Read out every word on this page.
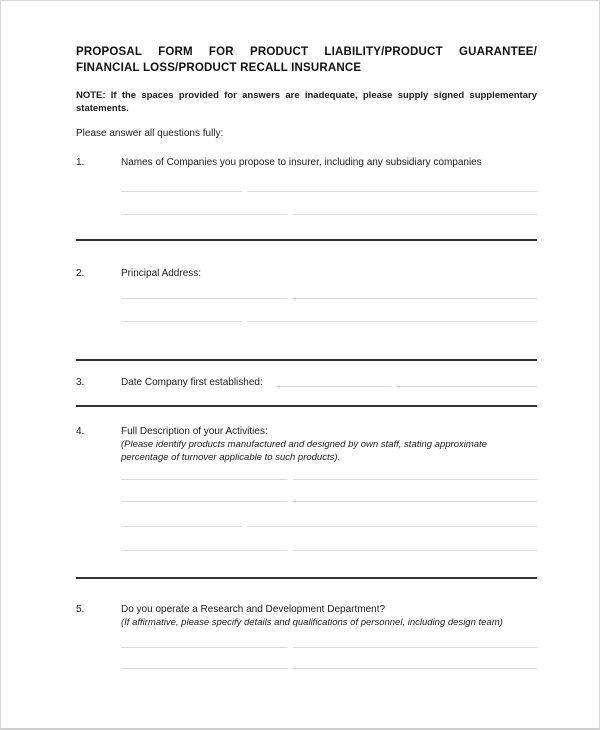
PROPOSAL FORM FOR PRODUCT LIABILITY/PRODUCT GUARANTEE/
FINANCIAL LOSS/PRODUCT RECALL INSURANCE

NOTE: If the spaces provided for answers are inadequate, please supply signed supplementary
statements.

Please answer all questions fully:

1.	Names of Companies you propose to insurer, including any subsidiary companies
2.	Principal Address:
3.	Date Company first established:
4.	Full Description of your Activities:
(Please identify products manufactured and designed by own staff, stating approximate
percentage of turnover applicable to such products).
5.	Do you operate a Research and Development Department?
(If affirmative, please specify details and qualifications of personnel, including design team)
